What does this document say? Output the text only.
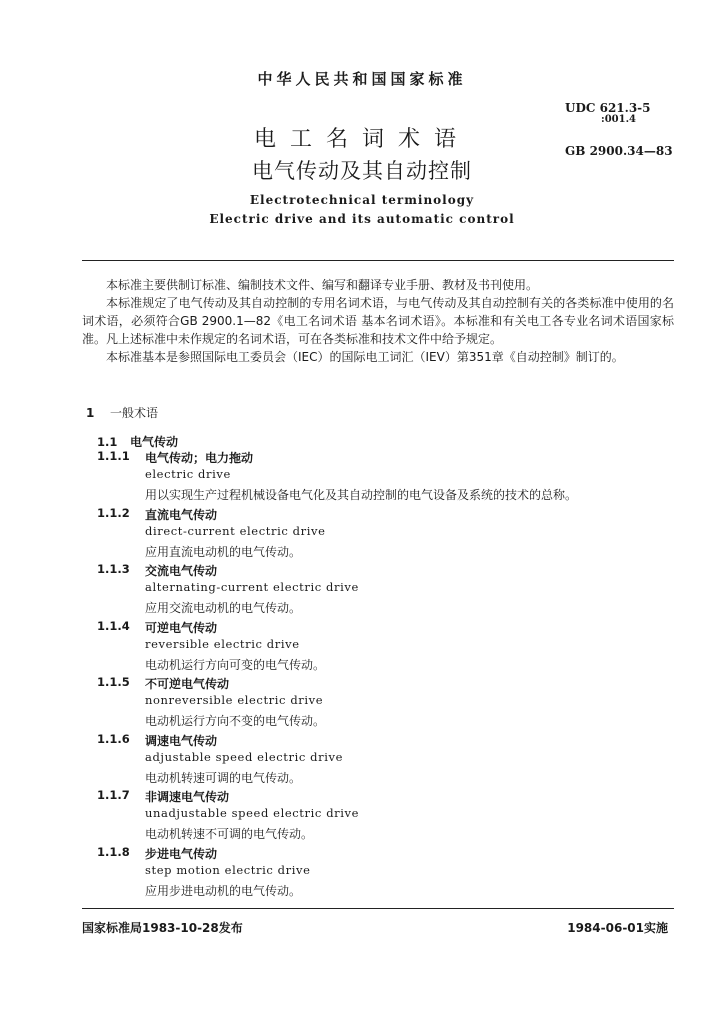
中华人民共和国国家标准
UDC 621.3-5
:001.4
GB 2900.34—83
电工名词术语
电气传动及其自动控制
Electrotechnical terminology
Electric drive and its automatic control

本标准主要供制订标准、编制技术文件、编写和翻译专业手册、教材及书刊使用。

本标准规定了电气传动及其自动控制的专用名词术语，与电气传动及其自动控制有关的各类标准中使用的名词术语，必须符合GB 2900.1—82《电工名词术语 基本名词术语》。本标准和有关电工各专业名词术语国家标准。凡上述标准中未作规定的名词术语，可在各类标准和技术文件中给予规定。

本标准基本是参照国际电工委员会（IEC）的国际电工词汇（IEV）第351章《自动控制》制订的。

1 一般术语
1.1 电气传动
1.1.1 电气传动；电力拖动
electric drive
用以实现生产过程机械设备电气化及其自动控制的电气设备及系统的技术的总称。
1.1.2 直流电气传动
direct-current electric drive
应用直流电动机的电气传动。
1.1.3 交流电气传动
alternating-current electric drive
应用交流电动机的电气传动。
1.1.4 可逆电气传动
reversible electric drive
电动机运行方向可变的电气传动。
1.1.5 不可逆电气传动
nonreversible electric drive
电动机运行方向不变的电气传动。
1.1.6 调速电气传动
adjustable speed electric drive
电动机转速可调的电气传动。
1.1.7 非调速电气传动
unadjustable speed electric drive
电动机转速不可调的电气传动。
1.1.8 步进电气传动
step motion electric drive
应用步进电动机的电气传动。
国家标准局1983-10-28发布	1984-06-01实施
